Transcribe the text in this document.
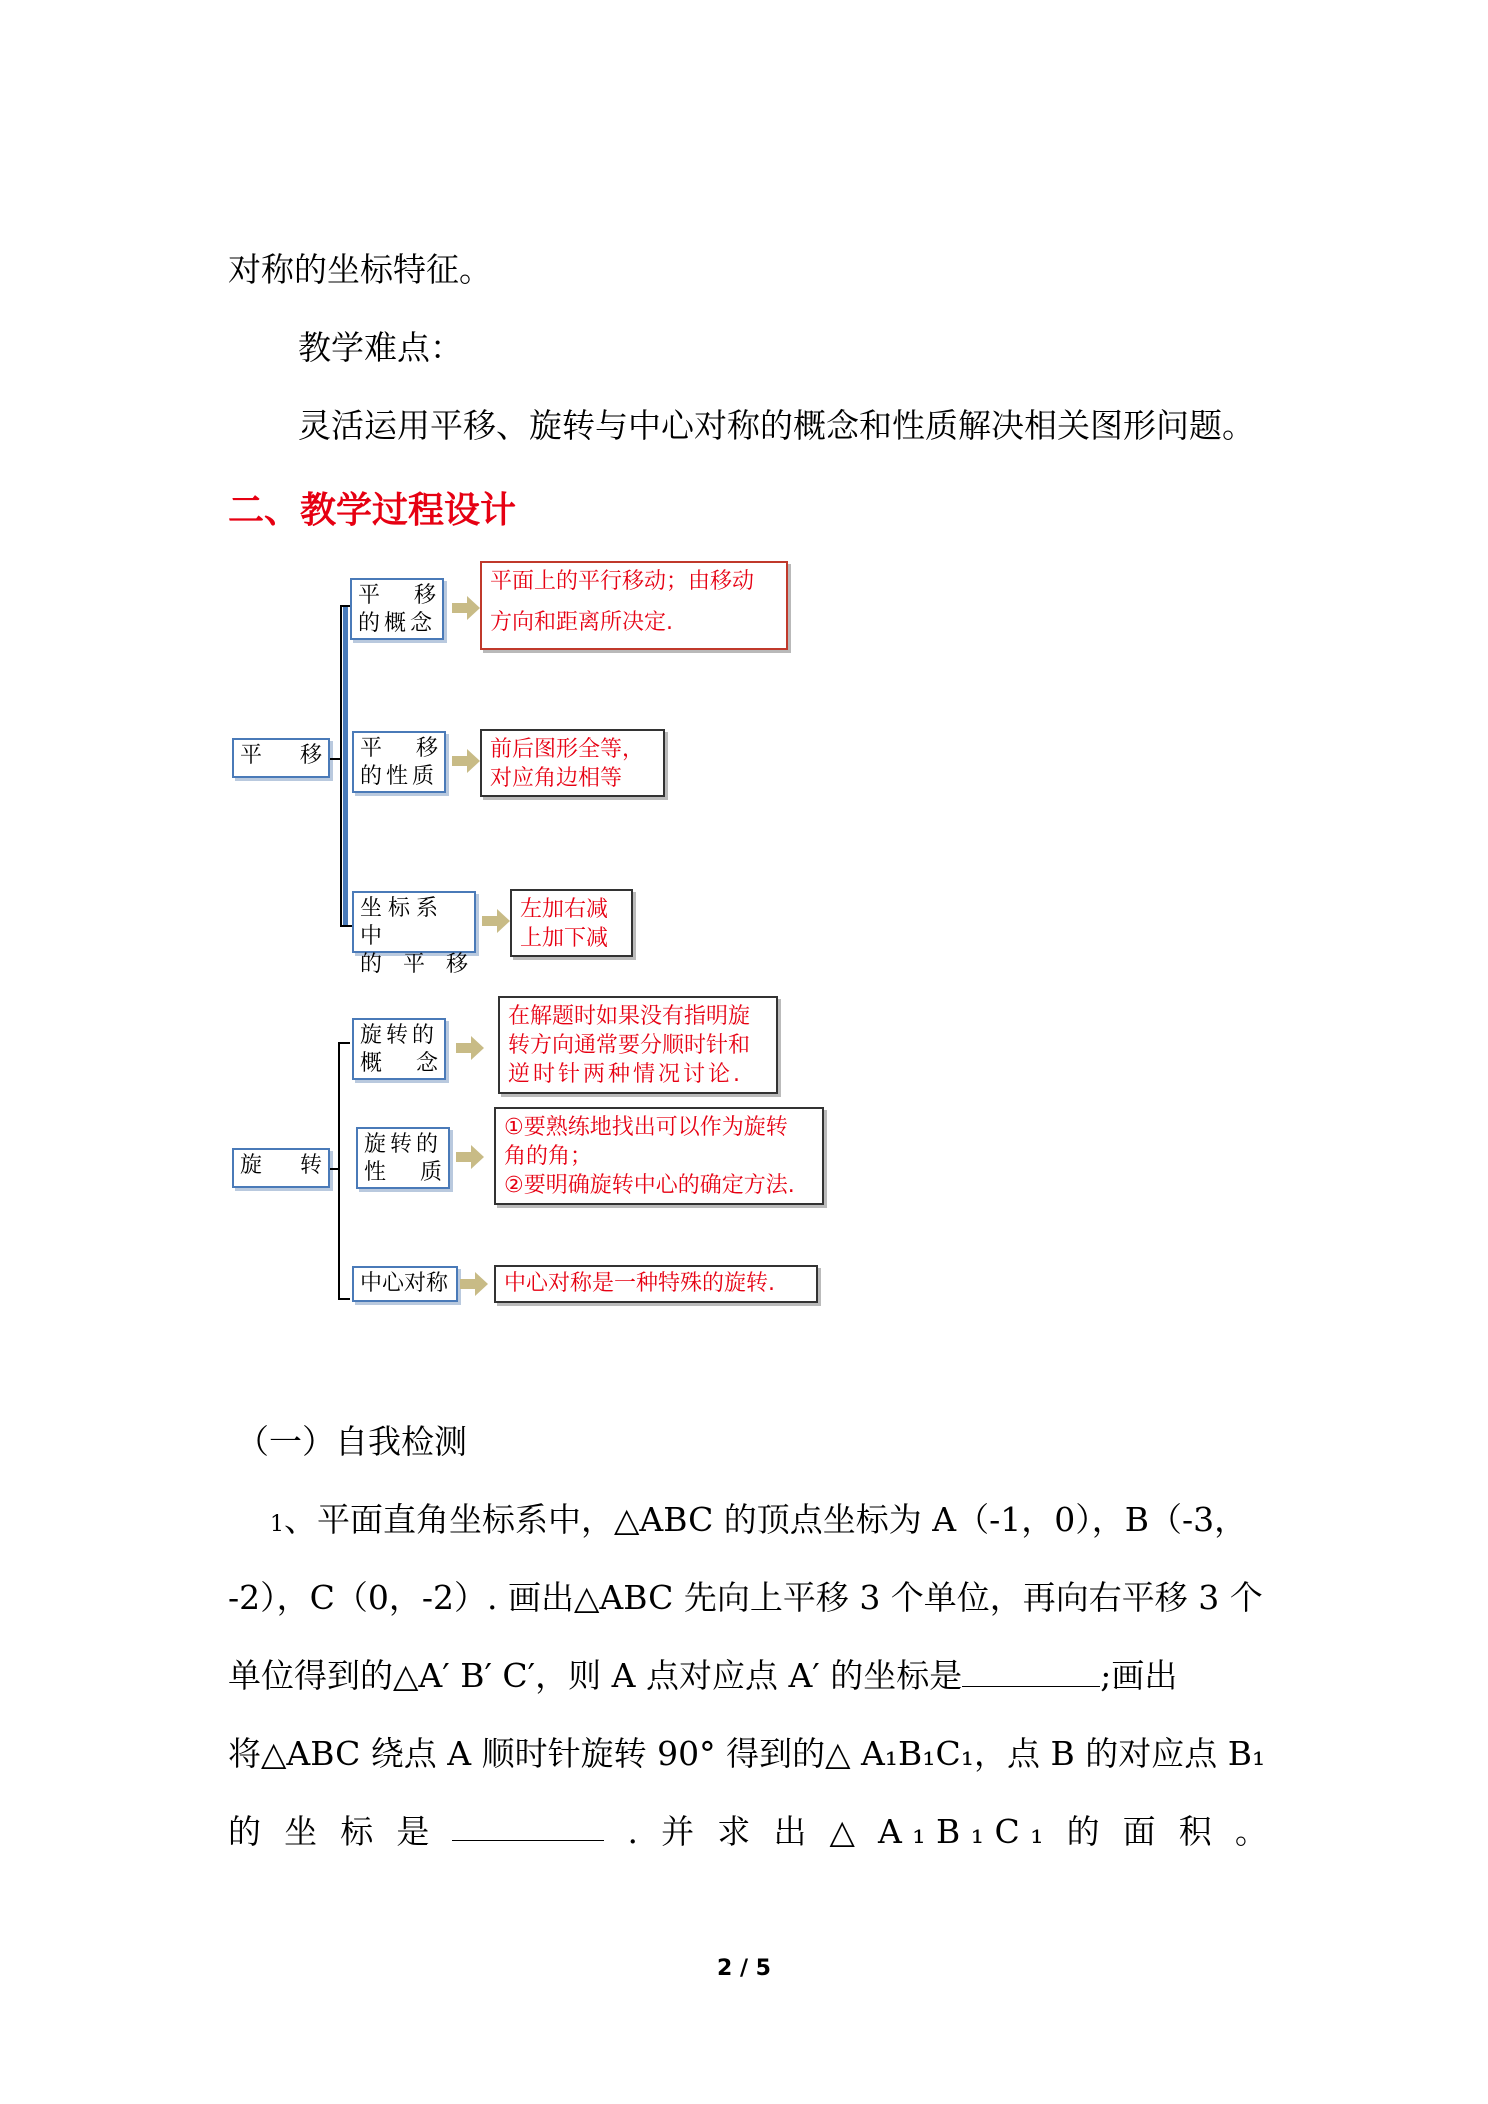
对称的坐标特征。
教学难点：
灵活运用平移、旋转与中心对称的概念和性质解决相关图形问题。
二、教学过程设计
平 移
平 移
的概念
平面上的平行移动；由移动
方向和距离所决定.
平 移
的性质
前后图形全等，
对应角边相等
坐标系中
的 平 移
左加右减
上加下减
旋 转
旋转的
概 念
在解题时如果没有指明旋
转方向通常要分顺时针和
逆时针两种情况讨论.
旋转的
性 质
①要熟练地找出可以作为旋转
角的角；
②要明确旋转中心的确定方法.
中心对称	中心对称是一种特殊的旋转.
（一）自我检测
1、平面直角坐标系中，△ABC 的顶点坐标为 A（-1，0），B（-3，
-2），C（0，-2）. 画出△ABC 先向上平移 3 个单位，再向右平移 3 个
单位得到的△A′ B′ C′，则 A 点对应点 A′ 的坐标是	;画出
将△ABC 绕点 A 顺时针旋转 90° 得到的△ A₁B₁C₁，点 B 的对应点 B₁
的 坐 标 是	. 并 求 出 △ A ₁ B ₁ C ₁ 的 面 积 。
2 / 5
